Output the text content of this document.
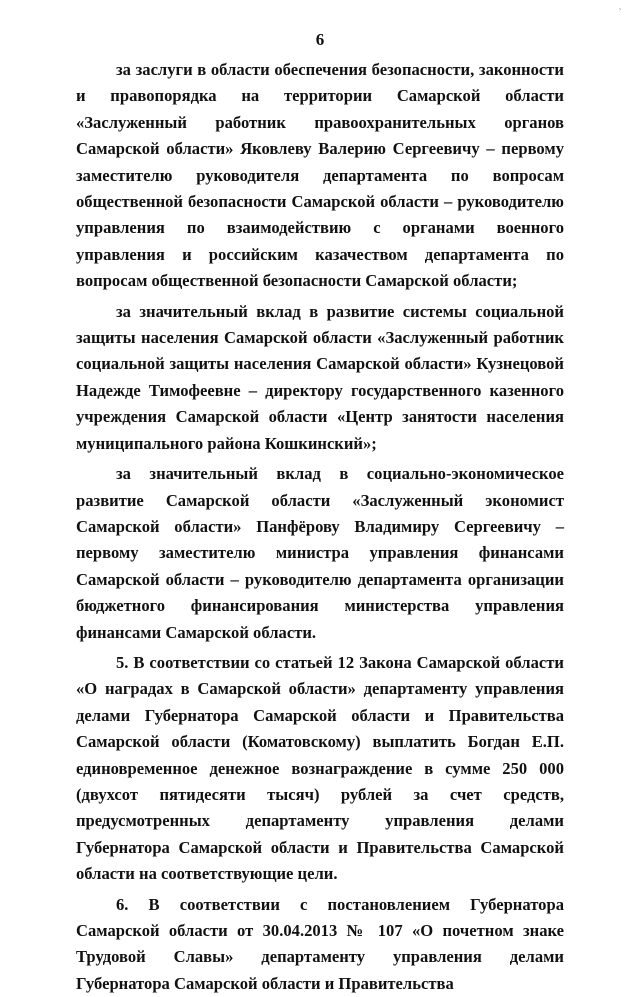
ˋ
6

за заслуги в области обеспечения безопасности, законности и правопорядка на территории Самарской области «Заслуженный работник правоохранительных органов Самарской области» Яковлеву Валерию Сергеевичу – первому заместителю руководителя департамента по вопросам общественной безопасности Самарской области – руководителю управления по взаимодействию с органами военного управления и российским казачеством департамента по вопросам общественной безопасности Самарской области;

за значительный вклад в развитие системы социальной защиты населения Самарской области «Заслуженный работник социальной защиты населения Самарской области» Кузнецовой Надежде Тимофеевне – директору государственного казенного учреждения Самарской области «Центр занятости населения муниципального района Кошкинский»;

за значительный вклад в социально-экономическое развитие Самарской области «Заслуженный экономист Самарской области» Панфёрову Владимиру Сергеевичу – первому заместителю министра управления финансами Самарской области – руководителю департамента организации бюджетного финансирования министерства управления финансами Самарской области.

5. В соответствии со статьей 12 Закона Самарской области «О наградах в Самарской области» департаменту управления делами Губернатора Самарской области и Правительства Самарской области (Коматовскому) выплатить Богдан Е.П. единовременное денежное вознаграждение в сумме 250 000 (двухсот пятидесяти тысяч) рублей за счет средств, предусмотренных департаменту управления делами Губернатора Самарской области и Правительства Самарской области на соответствующие цели.

6. В соответствии с постановлением Губернатора Самарской области от 30.04.2013 № 107 «О почетном знаке Трудовой Славы» департаменту управления делами Губернатора Самарской области и Правительства
